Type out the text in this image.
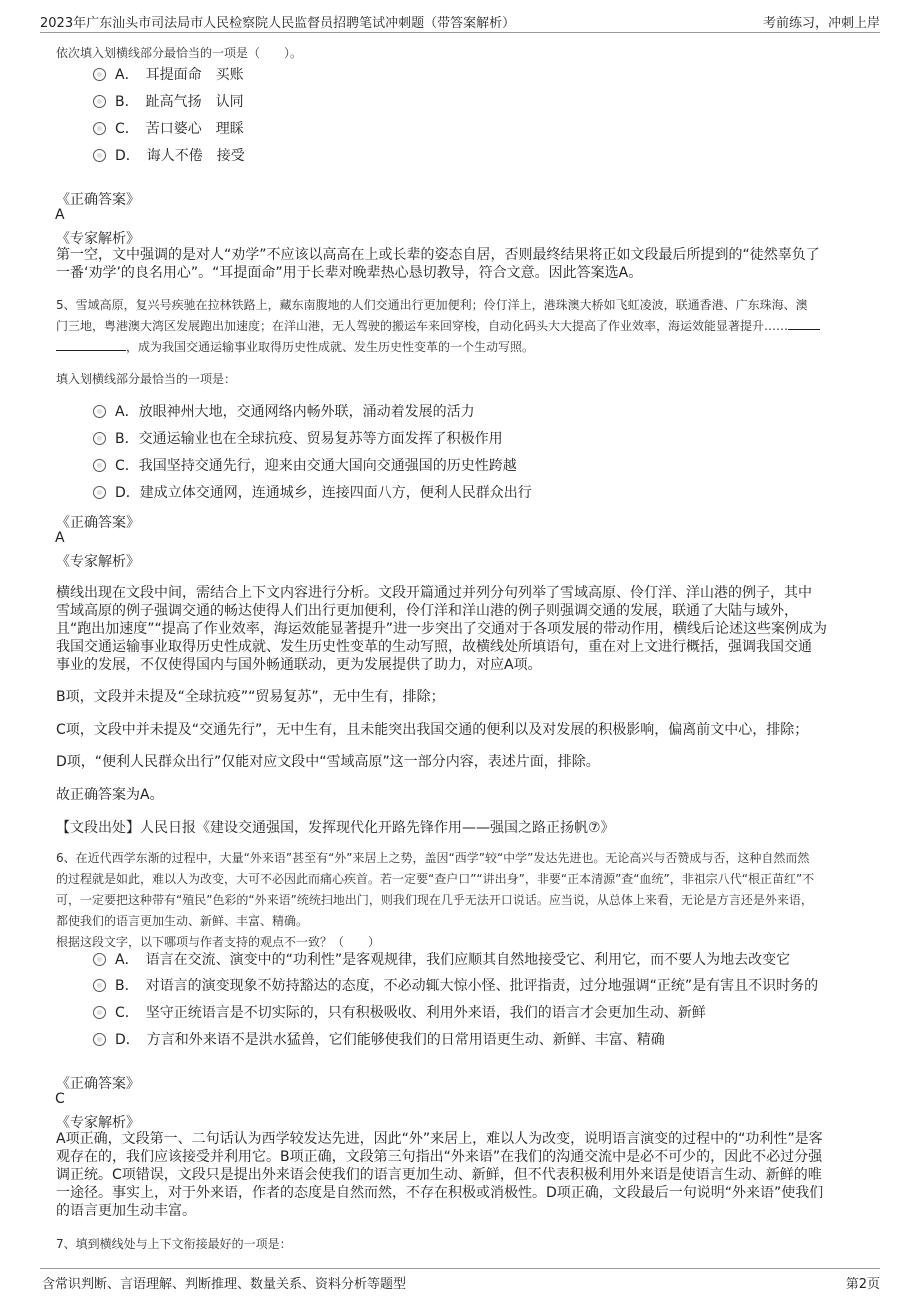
2023年广东汕头市司法局市人民检察院人民监督员招聘笔试冲刺题（带答案解析）	考前练习，冲刺上岸
依次填入划横线部分最恰当的一项是（　　）。
A．　耳提面命　买账
B．　趾高气扬　认同
C．　苦口婆心　理睬
D．　诲人不倦　接受
《正确答案》
A
《专家解析》
第一空，文中强调的是对人“劝学”不应该以高高在上或长辈的姿态自居，否则最终结果将正如文段最后所提到的“徒然辜负了
一番‘劝学’的良名用心”。“耳提面命”用于长辈对晚辈热心恳切教导，符合文意。因此答案选A。
5、雪域高原，复兴号疾驰在拉林铁路上，藏东南腹地的人们交通出行更加便利；伶仃洋上，港珠澳大桥如飞虹凌波，联通香港、广东珠海、澳
门三地，粤港澳大湾区发展跑出加速度；在洋山港，无人驾驶的搬运车来回穿梭，自动化码头大大提高了作业效率，海运效能显著提升……
，成为我国交通运输事业取得历史性成就、发生历史性变革的一个生动写照。
填入划横线部分最恰当的一项是：
A．放眼神州大地，交通网络内畅外联，涌动着发展的活力
B．交通运输业也在全球抗疫、贸易复苏等方面发挥了积极作用
C．我国坚持交通先行，迎来由交通大国向交通强国的历史性跨越
D．建成立体交通网，连通城乡，连接四面八方，便利人民群众出行
《正确答案》
A
《专家解析》
横线出现在文段中间，需结合上下文内容进行分析。文段开篇通过并列分句列举了雪域高原、伶仃洋、洋山港的例子，其中
雪域高原的例子强调交通的畅达使得人们出行更加便利，伶仃洋和洋山港的例子则强调交通的发展，联通了大陆与域外，
且“跑出加速度”“提高了作业效率，海运效能显著提升”进一步突出了交通对于各项发展的带动作用，横线后论述这些案例成为
我国交通运输事业取得历史性成就、发生历史性变革的生动写照，故横线处所填语句，重在对上文进行概括，强调我国交通
事业的发展，不仅使得国内与国外畅通联动，更为发展提供了助力，对应A项。
B项，文段并未提及“全球抗疫”“贸易复苏”，无中生有，排除；
C项，文段中并未提及“交通先行”，无中生有，且未能突出我国交通的便利以及对发展的积极影响，偏离前文中心，排除；
D项，“便利人民群众出行”仅能对应文段中“雪域高原”这一部分内容，表述片面，排除。
故正确答案为A。
【文段出处】人民日报《建设交通强国，发挥现代化开路先锋作用——强国之路正扬帆⑦》
6、在近代西学东渐的过程中，大量“外来语”甚至有“外”来居上之势，盖因“西学”较“中学”发达先进也。无论高兴与否赞成与否，这种自然而然
的过程就是如此，难以人为改变，大可不必因此而痛心疾首。若一定要“查户口”“讲出身”，非要“正本清源”查“血统”，非祖宗八代“根正苗红”不
可，一定要把这种带有“殖民”色彩的“外来语”统统扫地出门，则我们现在几乎无法开口说话。应当说，从总体上来看，无论是方言还是外来语，
都使我们的语言更加生动、新鲜、丰富、精确。
根据这段文字，以下哪项与作者支持的观点不一致？（　　）
A．　语言在交流、演变中的“功利性”是客观规律，我们应顺其自然地接受它、利用它，而不要人为地去改变它
B．　对语言的演变现象不妨持豁达的态度，不必动辄大惊小怪、批评指责，过分地强调“正统”是有害且不识时务的
C．　坚守正统语言是不切实际的，只有积极吸收、利用外来语，我们的语言才会更加生动、新鲜
D．　方言和外来语不是洪水猛兽，它们能够使我们的日常用语更生动、新鲜、丰富、精确
《正确答案》
C
《专家解析》
A项正确，文段第一、二句话认为西学较发达先进，因此“外”来居上，难以人为改变，说明语言演变的过程中的“功利性”是客
观存在的，我们应该接受并利用它。B项正确，文段第三句指出“外来语”在我们的沟通交流中是必不可少的，因此不必过分强
调正统。C项错误，文段只是提出外来语会使我们的语言更加生动、新鲜，但不代表积极利用外来语是使语言生动、新鲜的唯
一途径。事实上，对于外来语，作者的态度是自然而然，不存在积极或消极性。D项正确，文段最后一句说明“外来语”使我们
的语言更加生动丰富。
7、填到横线处与上下文衔接最好的一项是：
含常识判断、言语理解、判断推理、数量关系、资料分析等题型	第2页
